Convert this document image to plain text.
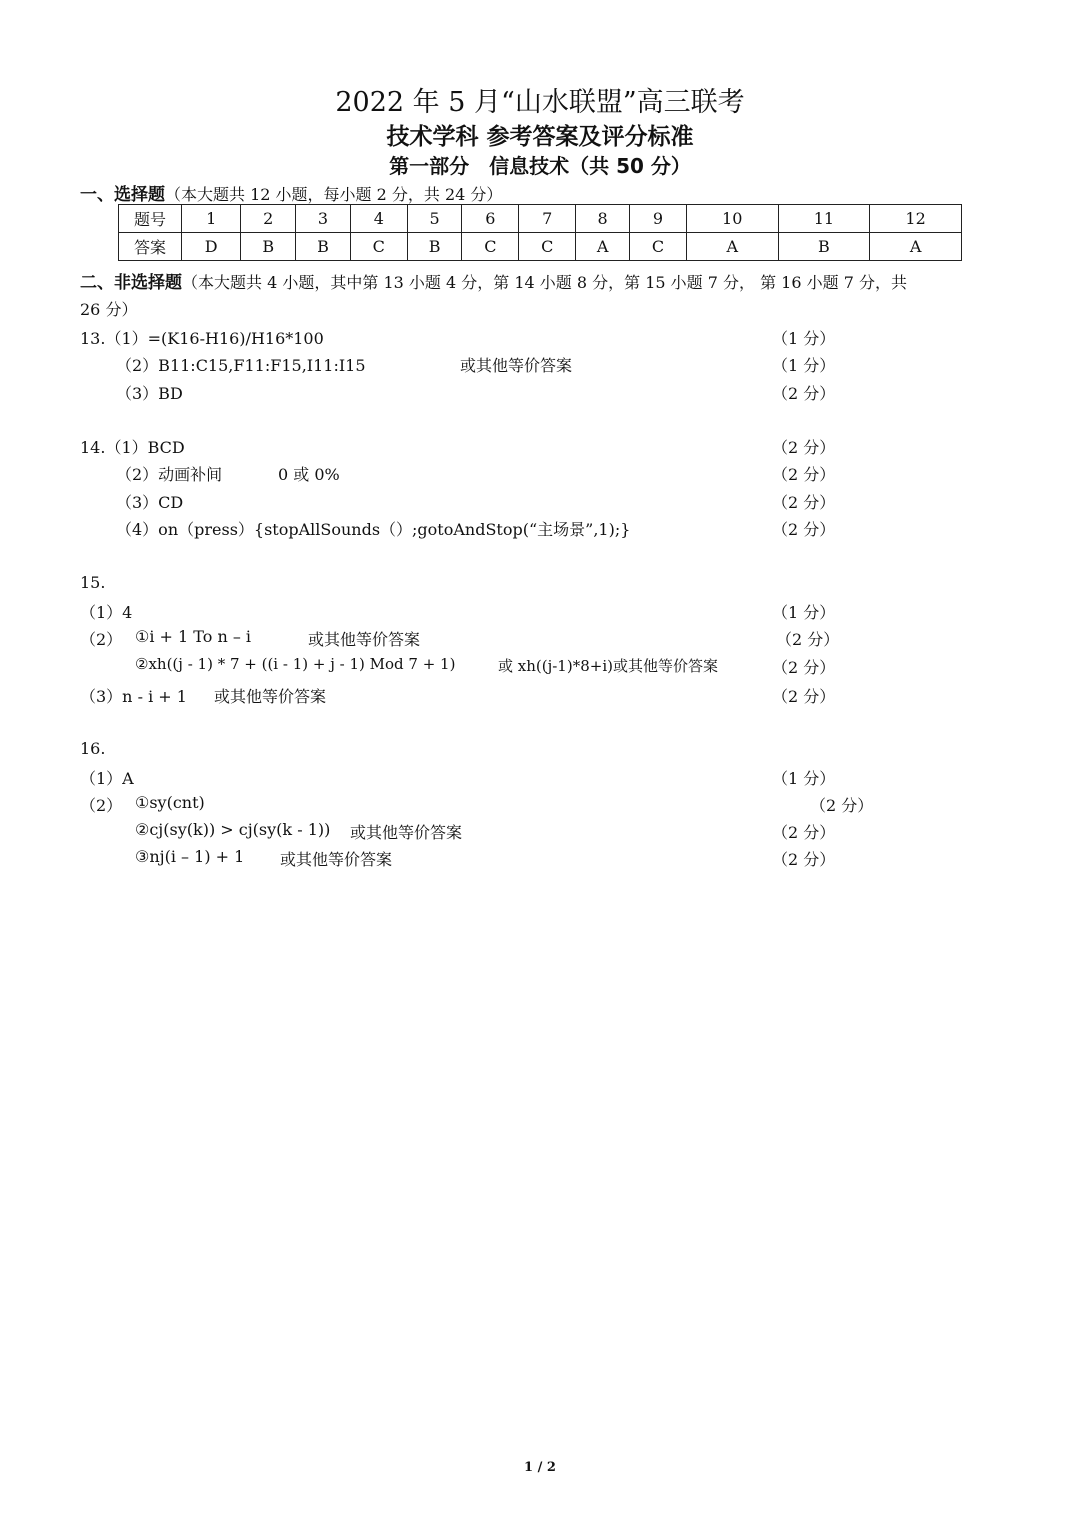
2022 年 5 月“山水联盟”高三联考
技术学科 参考答案及评分标准
第一部分　信息技术（共 50 分）
一、选择题（本大题共 12 小题，每小题 2 分，共 24 分）
题号	1	2	3	4	5	6	7	8	9	10	11	12
答案	D	B	B	C	B	C	C	A	C	A	B	A
二、非选择题（本大题共 4 小题，其中第 13 小题 4 分，第 14 小题 8 分，第 15 小题 7 分， 第 16 小题 7 分，共
26 分）
13.（1）=(K16-H16)/H16*100	（1 分）
（2）B11:C15,F11:F15,I11:I15	或其他等价答案	（1 分）
（3）BD	（2 分）
14.（1）BCD	（2 分）
（2）动画补间	0 或 0%	（2 分）
（3）CD	（2 分）
（4）on（press）{stopAllSounds（）;gotoAndStop(“主场景”,1);}	（2 分）
15.
（1）4	（1 分）
（2） ①i + 1 To n – i	或其他等价答案	（2 分）
②xh((j - 1) * 7 + ((i - 1) + j - 1) Mod 7 + 1)	或 xh((j-1)*8+i)或其他等价答案	（2 分）
（3）n - i + 1 或其他等价答案	（2 分）
16.
（1）A	（1 分）
（2） ①sy(cnt)	（2 分）
②cj(sy(k)) > cj(sy(k - 1)) 或其他等价答案	（2 分）
③nj(i – 1) + 1 或其他等价答案	（2 分）
1 / 2
